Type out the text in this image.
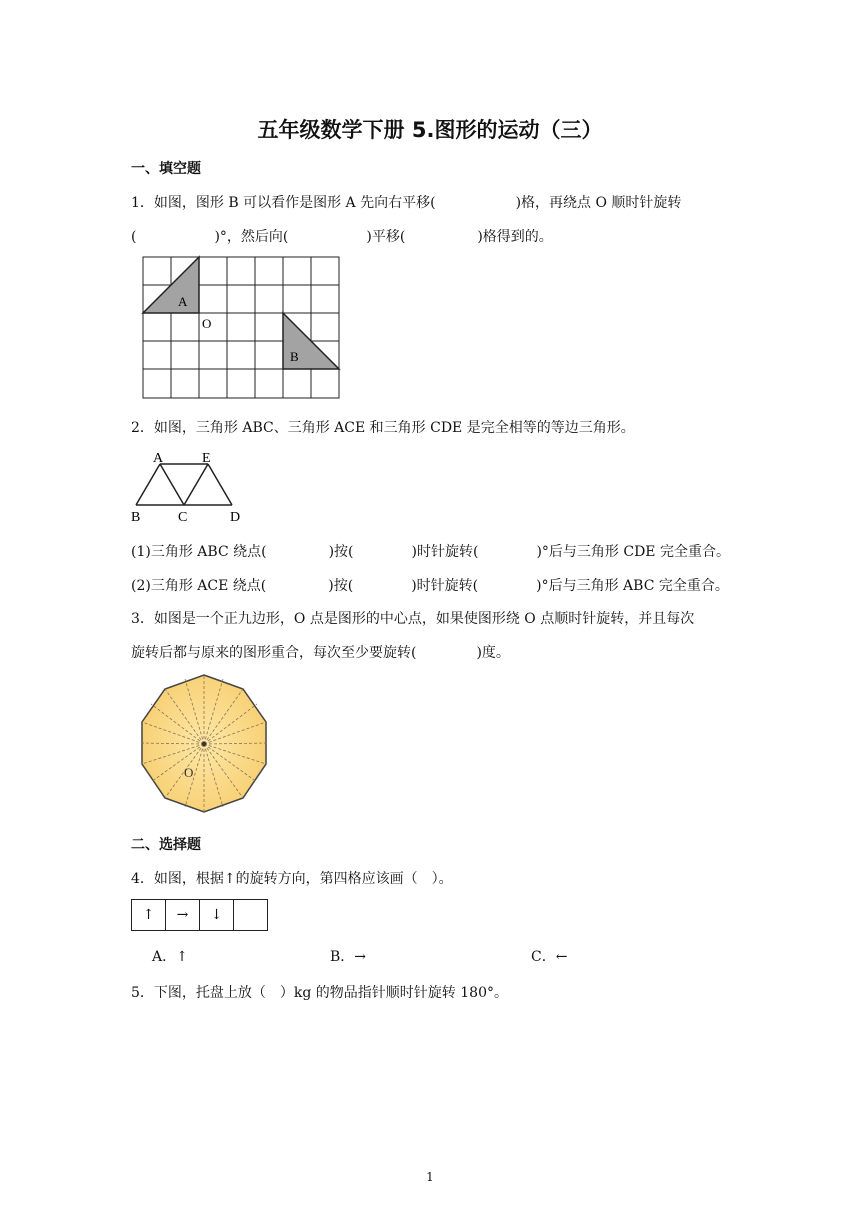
五年级数学下册 5.图形的运动（三）
一、填空题
1．如图，图形 B 可以看作是图形 A 先向右平移(	)格，再绕点 O 顺时针旋转
(	)°，然后向(	)平移(	)格得到的。
A
O
B
2．如图，三角形 ABC、三角形 ACE 和三角形 CDE 是完全相等的等边三角形。
A	E
B	C	D
(1)三角形 ABC 绕点(	)按(	)时针旋转(	)°后与三角形 CDE 完全重合。
(2)三角形 ACE 绕点(	)按(	)时针旋转(	)°后与三角形 ABC 完全重合。
3．如图是一个正九边形，O 点是图形的中心点，如果使图形绕 O 点顺时针旋转，并且每次
旋转后都与原来的图形重合，每次至少要旋转(	)度。
O
二、选择题
4．如图，根据↑的旋转方向，第四格应该画（　）。
↑	→	↓
A．↑	B．→	C．←
5．下图，托盘上放（　）kg 的物品指针顺时针旋转 180°。
1
